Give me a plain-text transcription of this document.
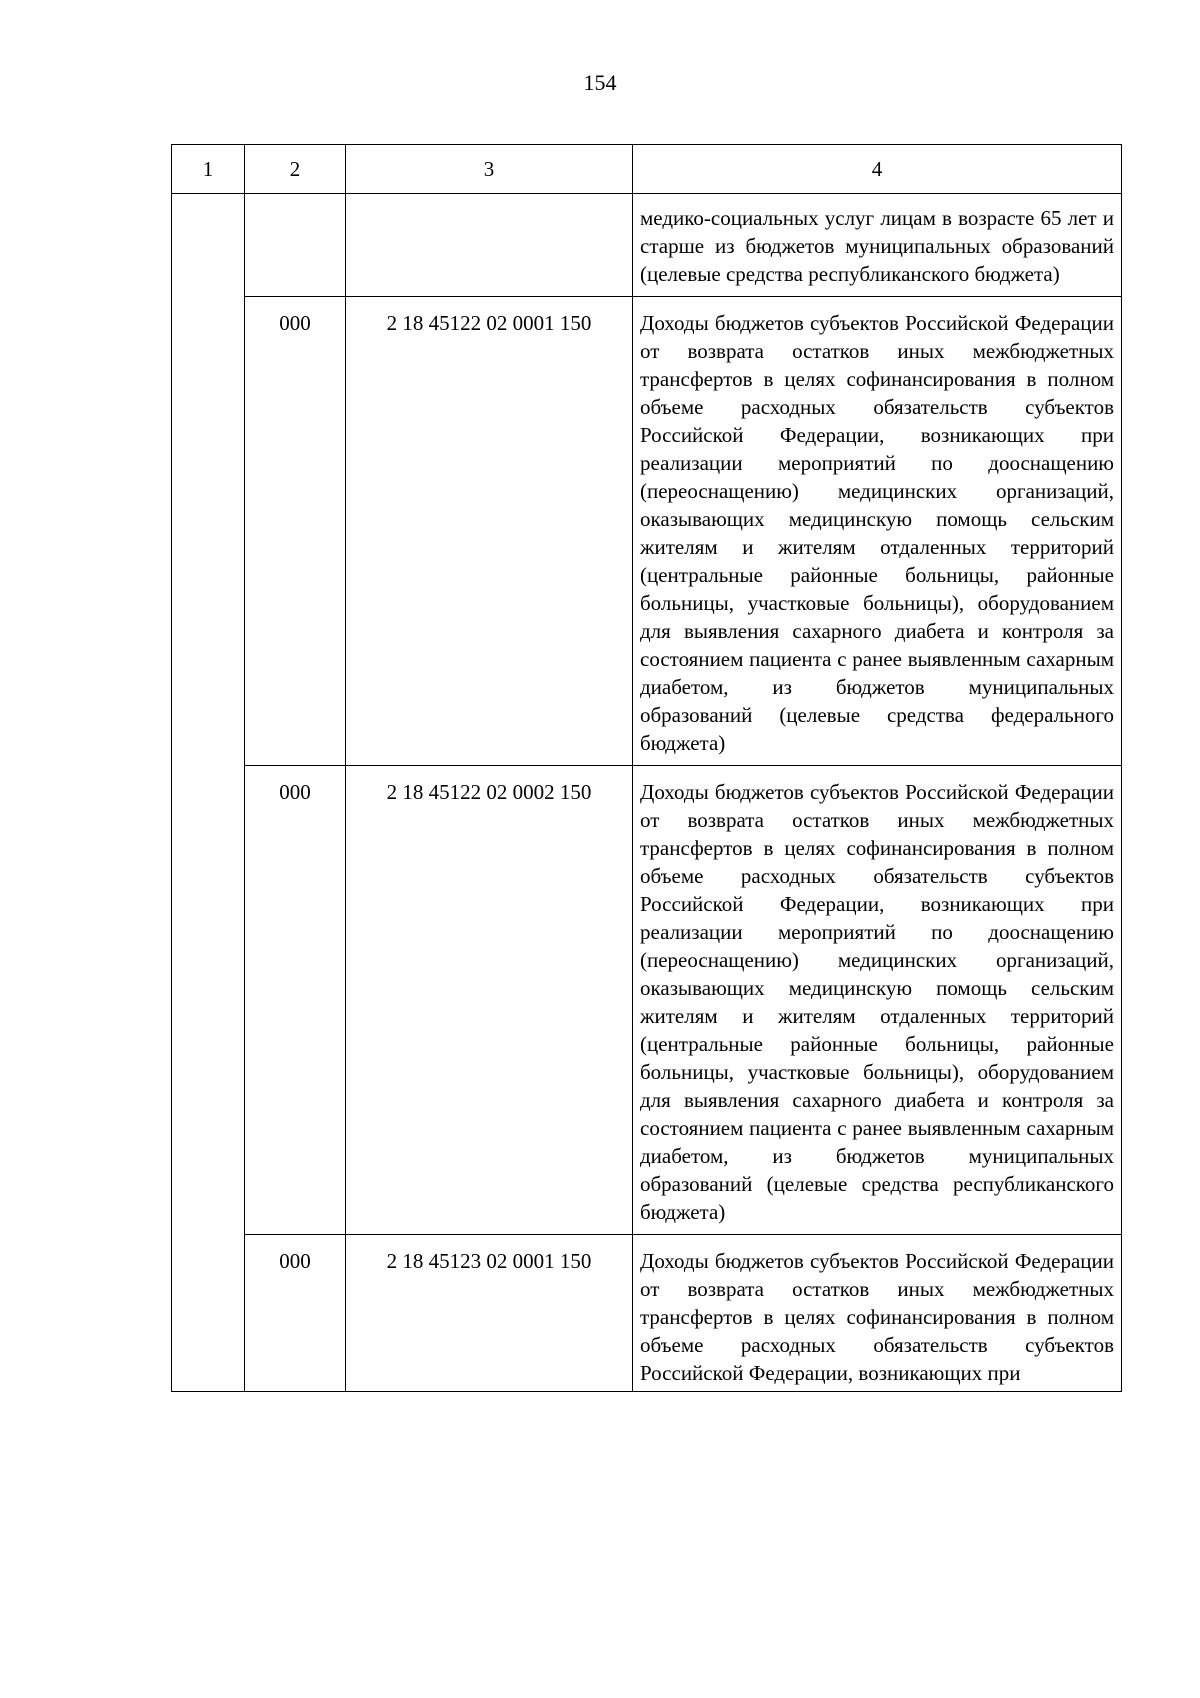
154
1	2	3	4
			медико-социальных услуг лицам в возрасте 65 лет и старше из бюджетов муниципальных образований (целевые средства республиканского бюджета)
	000	2 18 45122 02 0001 150	Доходы бюджетов субъектов Российской Федерации от возврата остатков иных межбюджетных трансфертов в целях софинансирования в полном объеме расходных обязательств субъектов Российской Федерации, возникающих при реализации мероприятий по дооснащению (переоснащению) медицинских организаций, оказывающих медицинскую помощь сельским жителям и жителям отдаленных территорий (центральные районные больницы, районные больницы, участковые больницы), оборудованием для выявления сахарного диабета и контроля за состоянием пациента с ранее выявленным сахарным диабетом, из бюджетов муниципальных образований (целевые средства федерального бюджета)
	000	2 18 45122 02 0002 150	Доходы бюджетов субъектов Российской Федерации от возврата остатков иных межбюджетных трансфертов в целях софинансирования в полном объеме расходных обязательств субъектов Российской Федерации, возникающих при реализации мероприятий по дооснащению (переоснащению) медицинских организаций, оказывающих медицинскую помощь сельским жителям и жителям отдаленных территорий (центральные районные больницы, районные больницы, участковые больницы), оборудованием для выявления сахарного диабета и контроля за состоянием пациента с ранее выявленным сахарным диабетом, из бюджетов муниципальных образований (целевые средства республиканского бюджета)
	000	2 18 45123 02 0001 150	Доходы бюджетов субъектов Российской Федерации от возврата остатков иных межбюджетных трансфертов в целях софинансирования в полном объеме расходных обязательств субъектов Российской Федерации, возникающих при
